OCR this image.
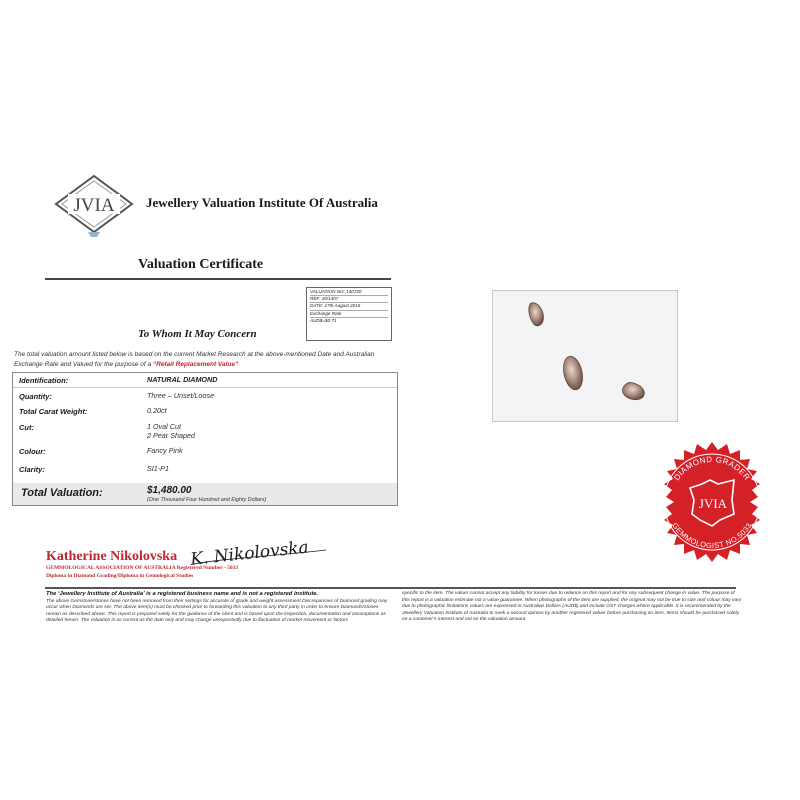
JVIA Jewellery Valuation Institute Of Australia
Valuation Certificate
VALUATION NO: 140720
REF: 20/1407
DATE: 17th August 2015
Exchange Rate
AUD$=$0.71
To Whom It May Concern
The total valuation amount listed below is based on the current Market Research at the above-mentioned Date and Australian Exchange Rate and Valued for the purpose of a “Retail Replacement Value”
Identification:	NATURAL DIAMOND
Quantity:	Three – Unset/Loose
Total Carat Weight:	0.20ct
Cut:	1 Oval Cut
2 Pear Shaped
Colour:	Fancy Pink
Clarity:	SI1-P1
Total Valuation:	$1,480.00
(One Thousand Four Hundred and Eighty Dollars)
DIAMOND GRADER
GEMMOLOGIST NO.5033
JVIA
K. Nikolovska
Katherine Nikolovska
GEMMOLOGICAL ASSOCIATION OF AUSTRALIA Registered Number - 5033
Diploma in Diamond Grading/Diploma in Gemological Studies
The ‘Jewellery Institute of Australia’ is a registered business name and is not a registered institute.
The above Gemstone/stones have not been removed from their settings for accurate of grade and weight assessment Discrepancies of Diamond grading may occur when Diamonds are set. The above item(s) must be checked prior to forwarding this valuation to any third party in order to ensure Diamonds/stones remain as described above. This report is prepared solely for the guidance of the client and is based upon the inspection, documentation and assumptions as detailed herein. The valuation is as current as the date only and may change unexpectedly due to fluctuation of market movement or factors
specific to the item. The valuer cannot accept any liability for losses due to reliance on this report and for any subsequent change in value. The purpose of this report is a valuation estimate not a value guarantee. When photographs of the item are supplied, the original may not be true to size and colour may vary due to photographic limitations values are expressed in Australian Dollars (AUD$) and include GST charges where applicable. It is recommended by the Jewellery Valuation Institute of Australia to seek a second opinion by another registered valuer before purchasing an item. Items should be purchased solely on a customer’s interest and not on the valuation amount.
